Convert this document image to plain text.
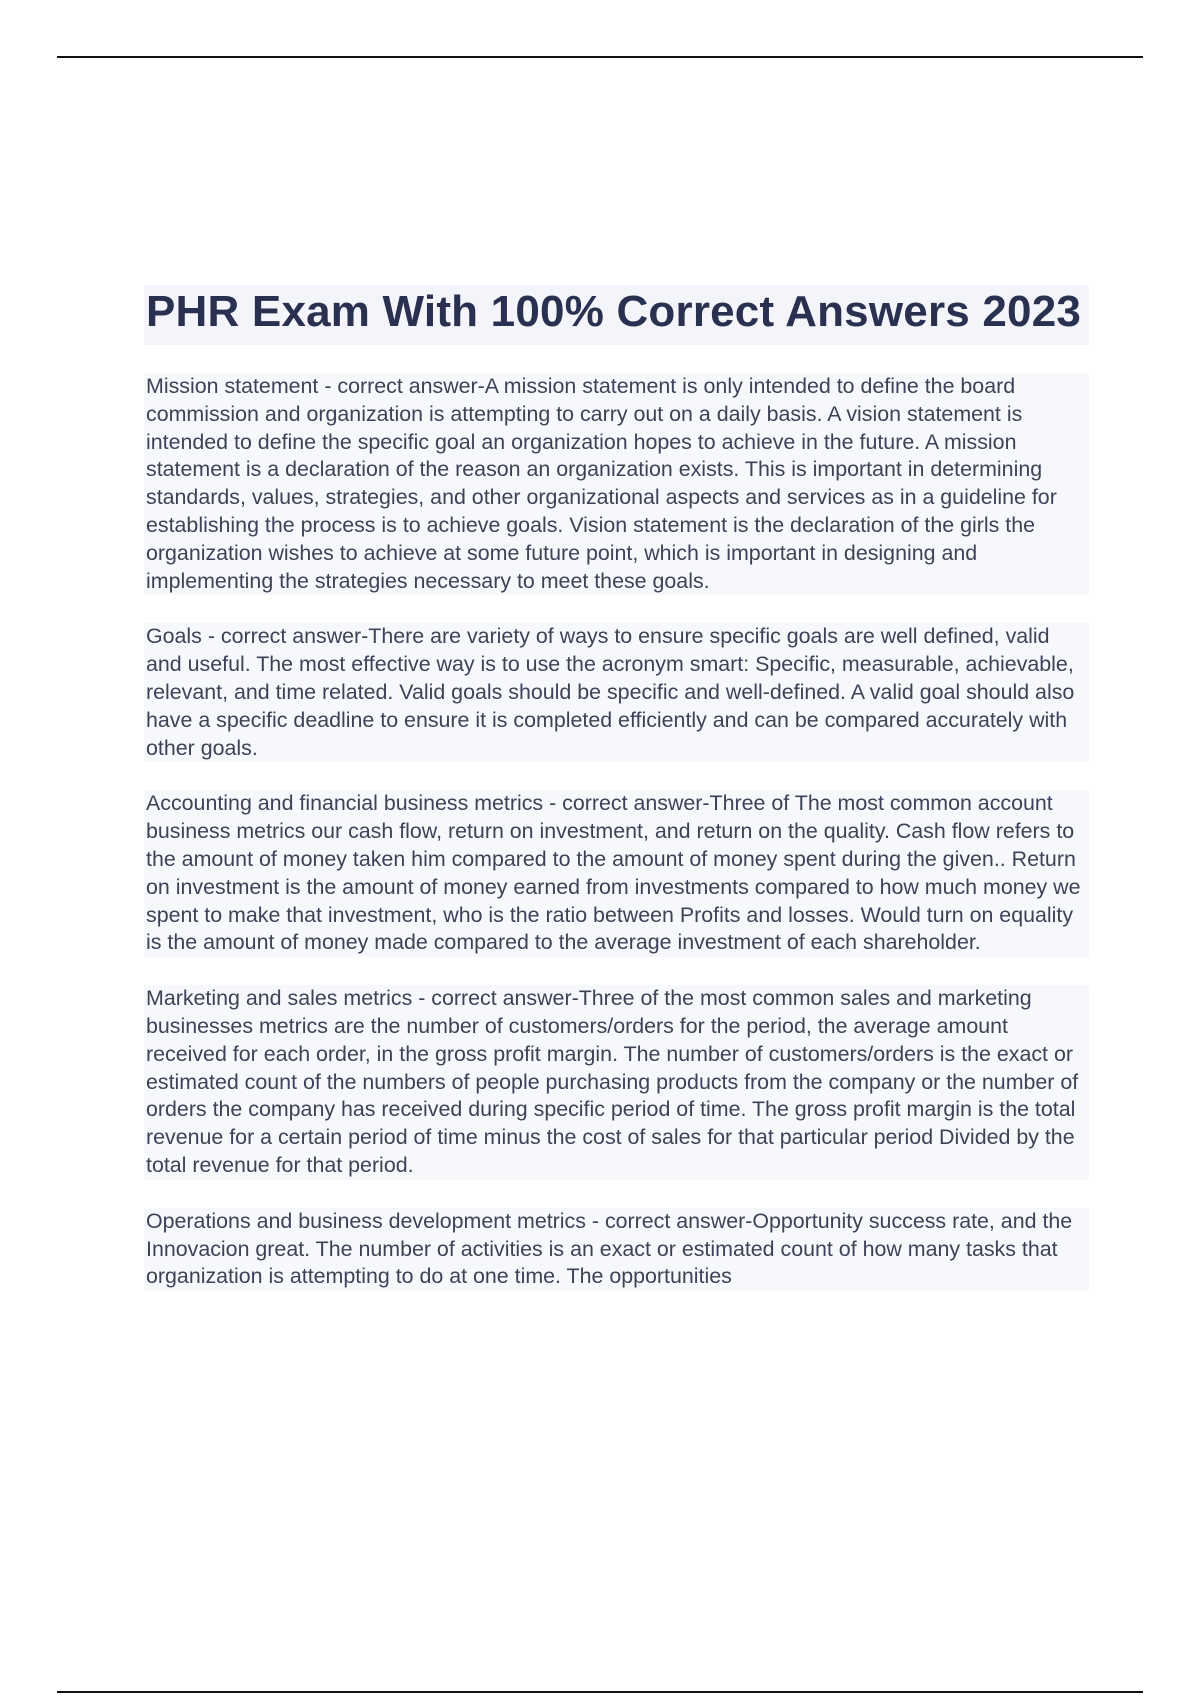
PHR Exam With 100% Correct Answers 2023

Mission statement - correct answer-A mission statement is only intended to define the board commission and organization is attempting to carry out on a daily basis. A vision statement is intended to define the specific goal an organization hopes to achieve in the future. A mission statement is a declaration of the reason an organization exists. This is important in determining standards, values, strategies, and other organizational aspects and services as in a guideline for establishing the process is to achieve goals. Vision statement is the declaration of the girls the organization wishes to achieve at some future point, which is important in designing and implementing the strategies necessary to meet these goals.

Goals - correct answer-There are variety of ways to ensure specific goals are well defined, valid and useful. The most effective way is to use the acronym smart: Specific, measurable, achievable, relevant, and time related. Valid goals should be specific and well-defined. A valid goal should also have a specific deadline to ensure it is completed efficiently and can be compared accurately with other goals.

Accounting and financial business metrics - correct answer-Three of The most common account business metrics our cash flow, return on investment, and return on the quality. Cash flow refers to the amount of money taken him compared to the amount of money spent during the given.. Return on investment is the amount of money earned from investments compared to how much money we spent to make that investment, who is the ratio between Profits and losses. Would turn on equality is the amount of money made compared to the average investment of each shareholder.

Marketing and sales metrics - correct answer-Three of the most common sales and marketing businesses metrics are the number of customers/orders for the period, the average amount received for each order, in the gross profit margin. The number of customers/orders is the exact or estimated count of the numbers of people purchasing products from the company or the number of orders the company has received during specific period of time. The gross profit margin is the total revenue for a certain period of time minus the cost of sales for that particular period Divided by the total revenue for that period.

Operations and business development metrics - correct answer-Opportunity success rate, and the Innovacion great. The number of activities is an exact or estimated count of how many tasks that organization is attempting to do at one time. The opportunities
